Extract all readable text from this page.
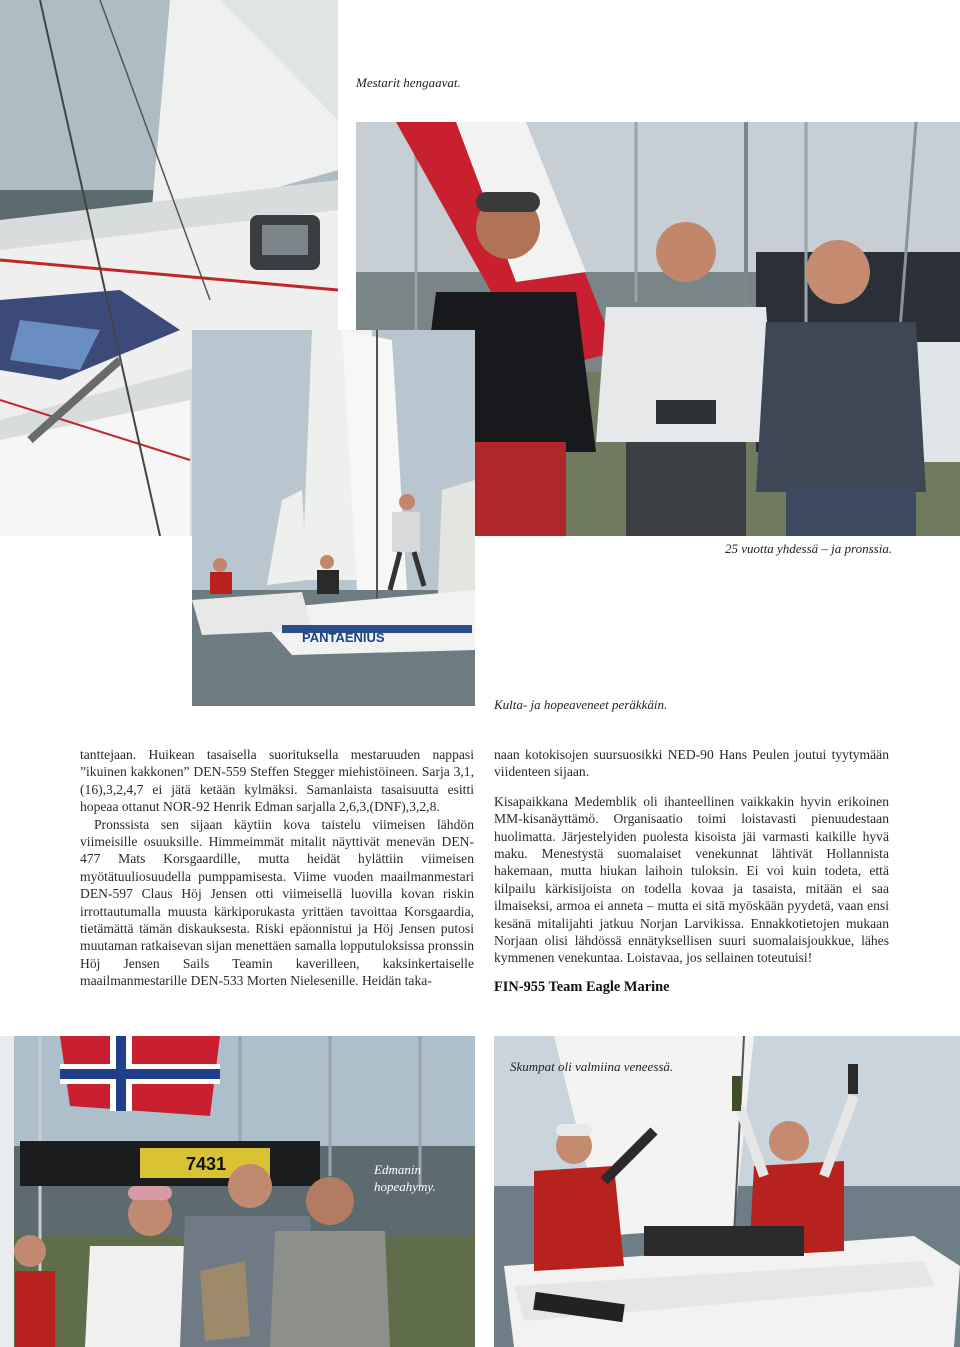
Mestarit hengaavat.
25 vuotta yhdessä – ja pronssia.
PANTAENIUS
Kulta- ja hopeaveneet peräkkäin.

tanttejaan. Huikean tasaisella suorituksella mestaruuden nappasi ”ikuinen kakkonen” DEN-559 Steffen Stegger miehistöineen. Sarja 3,1,(16),3,2,4,7 ei jätä ketään kylmäksi. Samanlaista tasaisuutta esitti hopeaa ottanut NOR-92 Henrik Edman sarjalla 2,6,3,(DNF),3,2,8.

Pronssista sen sijaan käytiin kova taistelu viimeisen lähdön viimeisille osuuksille. Himmeimmät mitalit näyttivät menevän DEN-477 Mats Korsgaardille, mutta heidät hylättiin viimeisen myötätuuliosuudella pumppamisesta. Viime vuoden maailmanmestari DEN-597 Claus Höj Jensen otti viimeisellä luovilla kovan riskin irrottautumalla muusta kärkiporukasta yrittäen tavoittaa Korsgaardia, tietämättä tämän diskauksesta. Riski epäonnistui ja Höj Jensen putosi muutaman ratkaisevan sijan menettäen samalla lopputuloksissa pronssin Höj Jensen Sails Teamin kaverilleen, kaksinkertaiselle maailmanmestarille DEN-533 Morten Nielesenille. Heidän taka-

naan kotokisojen suursuosikki NED-90 Hans Peulen joutui tyytymään viidenteen sijaan.

Kisapaikkana Medemblik oli ihanteellinen vaikkakin hyvin erikoinen MM-kisanäyttämö. Organisaatio toimi loistavasti pienuudestaan huolimatta. Järjestelyiden puolesta kisoista jäi varmasti kaikille hyvä maku. Menestystä suomalaiset venekunnat lähtivät Hollannista hakemaan, mutta hiukan laihoin tuloksin. Ei voi kuin todeta, että kilpailu kärkisijoista on todella kovaa ja tasaista, mitään ei saa ilmaiseksi, armoa ei anneta – mutta ei sitä myöskään pyydetä, vaan ensi kesänä mitalijahti jatkuu Norjan Larvikissa. Ennakkotietojen mukaan Norjaan olisi lähdössä ennätyksellisen suuri suomalaisjoukkue, lähes kymmenen venekuntaa. Loistavaa, jos sellainen toteutuisi!

FIN-955 Team Eagle Marine

7431	Edmanin
hopeahymy.
Skumpat oli valmiina veneessä.
